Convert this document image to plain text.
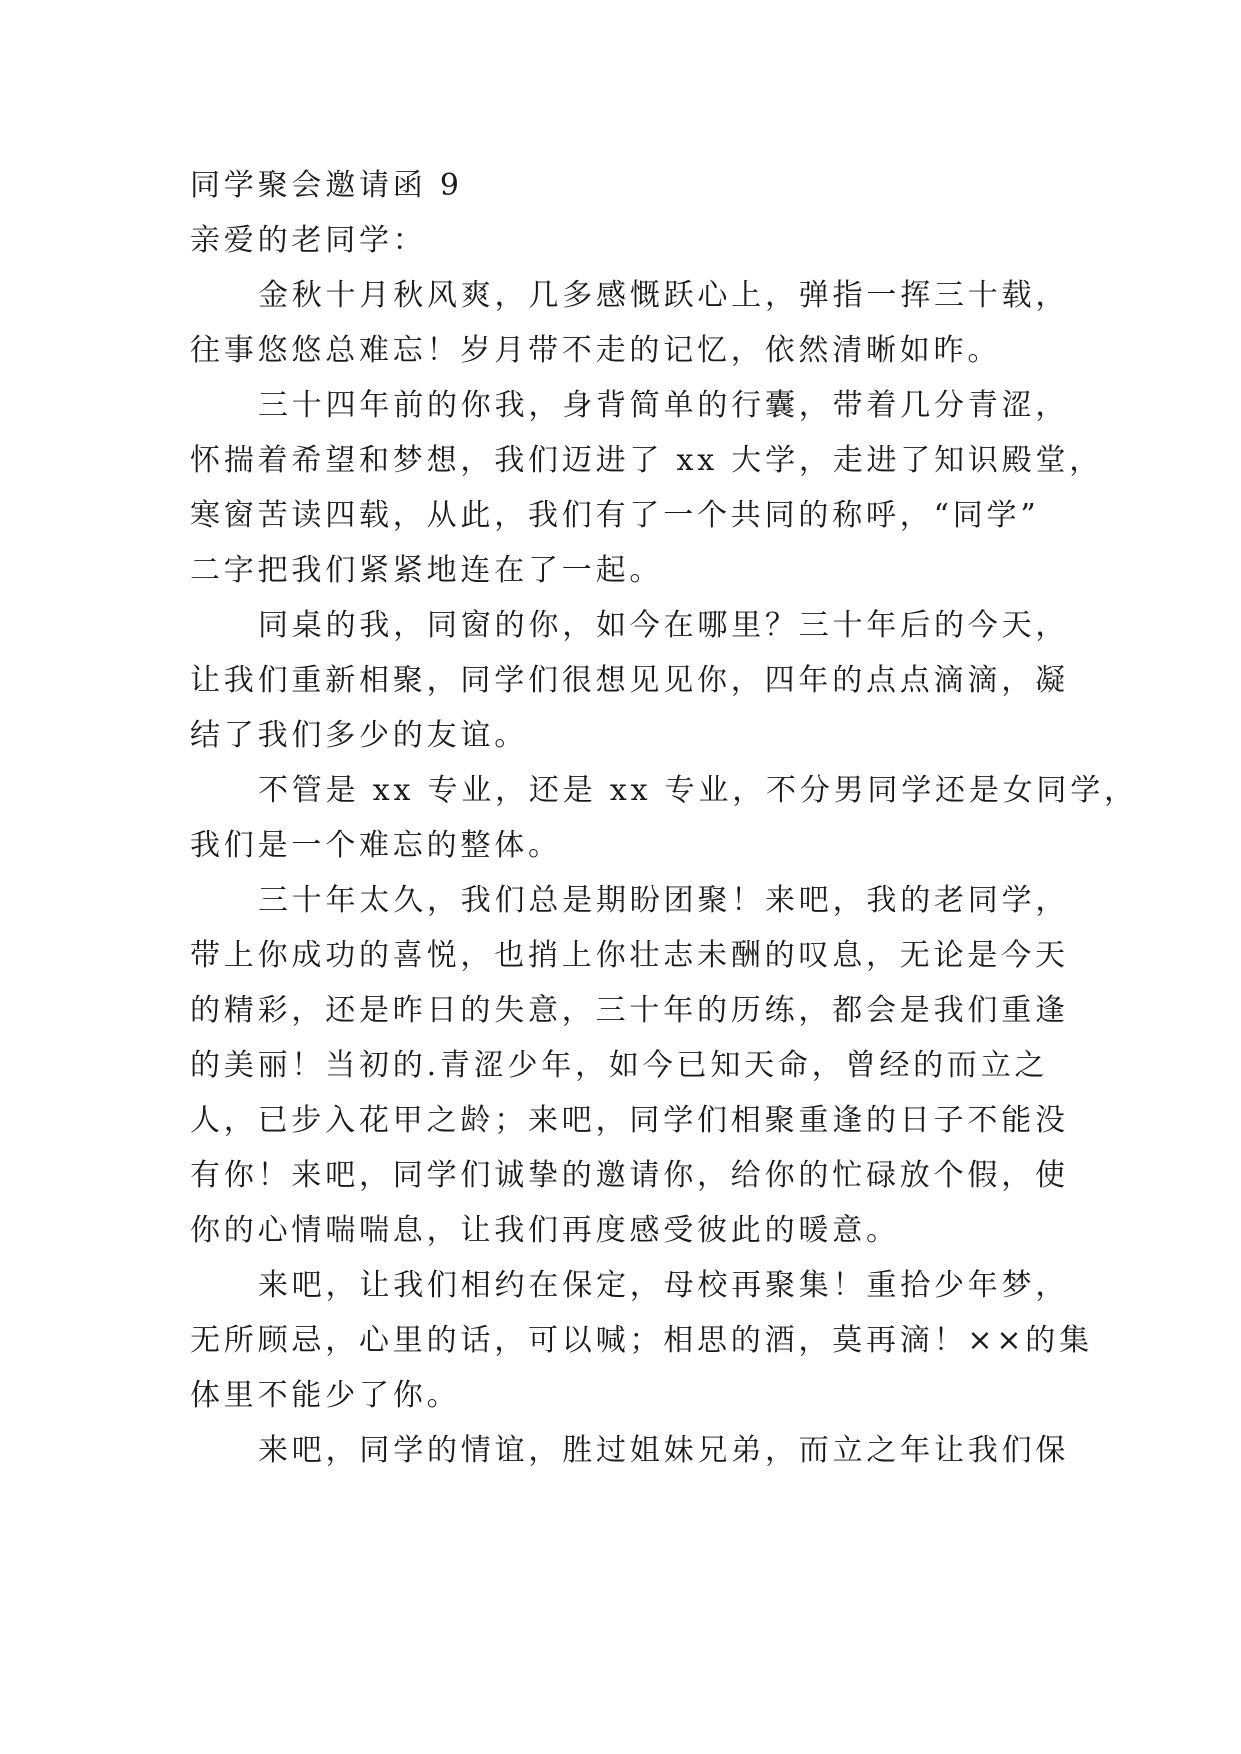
同学聚会邀请函 9
亲爱的老同学：
金秋十月秋风爽，几多感慨跃心上，弹指一挥三十载，
往事悠悠总难忘！岁月带不走的记忆，依然清晰如昨。
三十四年前的你我，身背简单的行囊，带着几分青涩，
怀揣着希望和梦想，我们迈进了 xx 大学，走进了知识殿堂，
寒窗苦读四载，从此，我们有了一个共同的称呼，“同学”
二字把我们紧紧地连在了一起。
同桌的我，同窗的你，如今在哪里？三十年后的今天，
让我们重新相聚，同学们很想见见你，四年的点点滴滴，凝
结了我们多少的友谊。
不管是 xx 专业，还是 xx 专业，不分男同学还是女同学，
我们是一个难忘的整体。
三十年太久，我们总是期盼团聚！来吧，我的老同学，
带上你成功的喜悦，也捎上你壮志未酬的叹息，无论是今天
的精彩，还是昨日的失意，三十年的历练，都会是我们重逢
的美丽！当初的.青涩少年，如今已知天命，曾经的而立之
人，已步入花甲之龄；来吧，同学们相聚重逢的日子不能没
有你！来吧，同学们诚挚的邀请你，给你的忙碌放个假，使
你的心情喘喘息，让我们再度感受彼此的暖意。
来吧，让我们相约在保定，母校再聚集！重拾少年梦，
无所顾忌，心里的话，可以喊；相思的酒，莫再滴！××的集
体里不能少了你。
来吧，同学的情谊，胜过姐妹兄弟，而立之年让我们保
